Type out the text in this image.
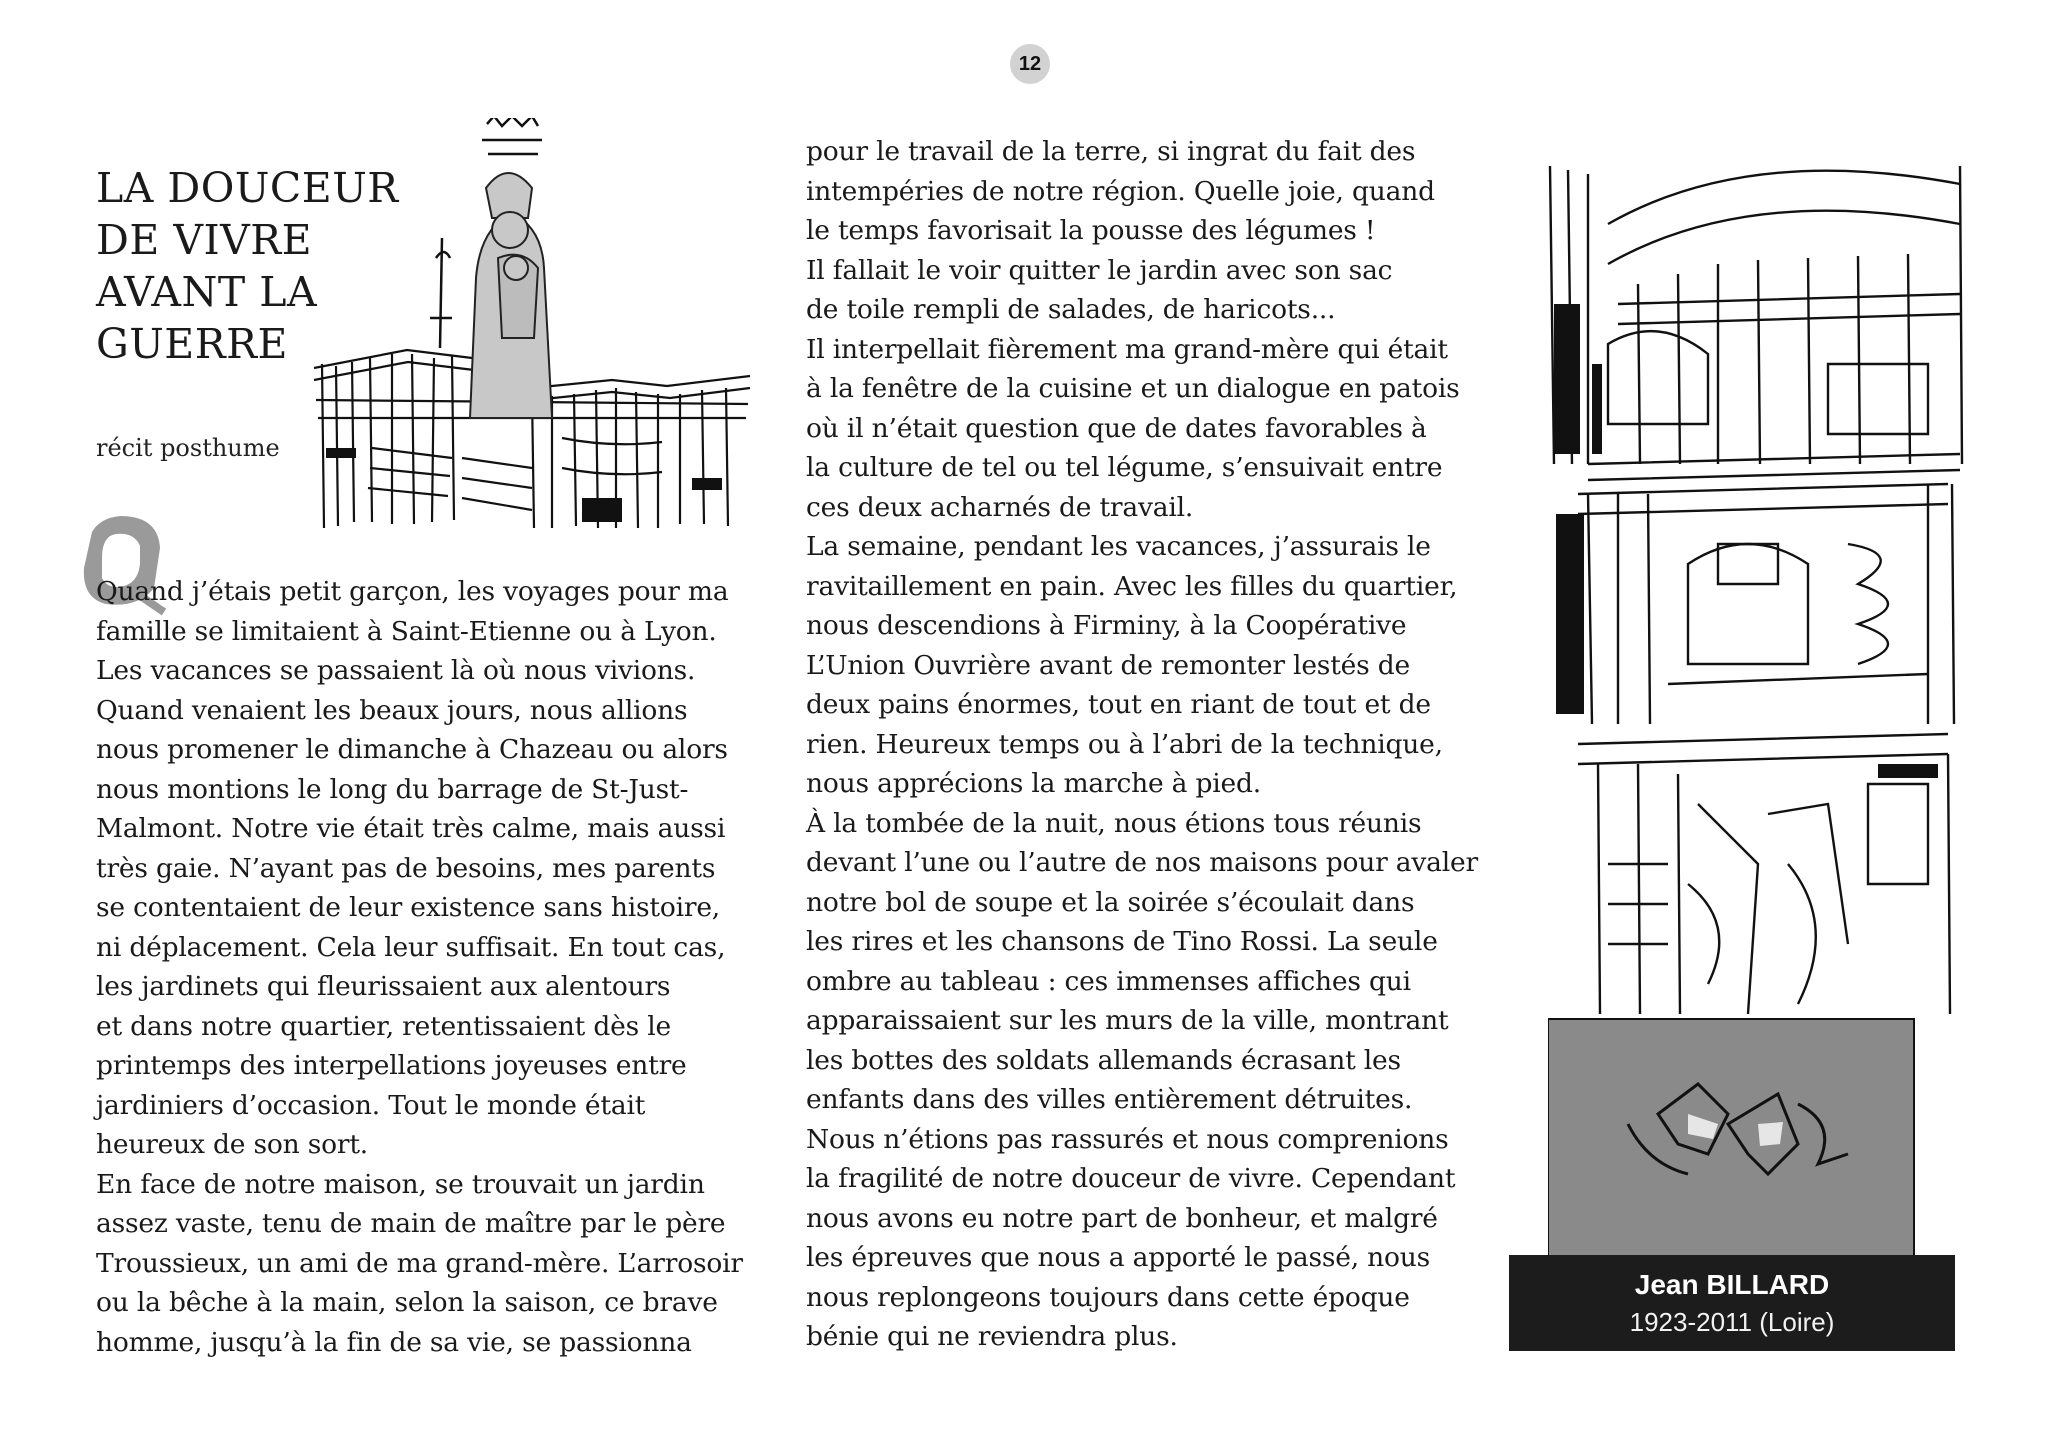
12
LA DOUCEUR
DE VIVRE
AVANT LA
GUERRE
récit posthume
Quand j’étais petit garçon, les voyages pour ma
famille se limitaient à Saint-Etienne ou à Lyon.
Les vacances se passaient là où nous vivions.
Quand venaient les beaux jours, nous allions
nous promener le dimanche à Chazeau ou alors
nous montions le long du barrage de St-Just-
Malmont. Notre vie était très calme, mais aussi
très gaie. N’ayant pas de besoins, mes parents
se contentaient de leur existence sans histoire,
ni déplacement. Cela leur suffisait. En tout cas,
les jardinets qui fleurissaient aux alentours
et dans notre quartier, retentissaient dès le
printemps des interpellations joyeuses entre
jardiniers d’occasion. Tout le monde était
heureux de son sort.
En face de notre maison, se trouvait un jardin
assez vaste, tenu de main de maître par le père
Troussieux, un ami de ma grand-mère. L’arrosoir
ou la bêche à la main, selon la saison, ce brave
homme, jusqu’à la fin de sa vie, se passionna
pour le travail de la terre, si ingrat du fait des
intempéries de notre région. Quelle joie, quand
le temps favorisait la pousse des légumes !
Il fallait le voir quitter le jardin avec son sac
de toile rempli de salades, de haricots...
Il interpellait fièrement ma grand-mère qui était
à la fenêtre de la cuisine et un dialogue en patois
où il n’était question que de dates favorables à
la culture de tel ou tel légume, s’ensuivait entre
ces deux acharnés de travail.
La semaine, pendant les vacances, j’assurais le
ravitaillement en pain. Avec les filles du quartier,
nous descendions à Firminy, à la Coopérative
L’Union Ouvrière avant de remonter lestés de
deux pains énormes, tout en riant de tout et de
rien. Heureux temps ou à l’abri de la technique,
nous apprécions la marche à pied.
À la tombée de la nuit, nous étions tous réunis
devant l’une ou l’autre de nos maisons pour avaler
notre bol de soupe et la soirée s’écoulait dans
les rires et les chansons de Tino Rossi. La seule
ombre au tableau : ces immenses affiches qui
apparaissaient sur les murs de la ville, montrant
les bottes des soldats allemands écrasant les
enfants dans des villes entièrement détruites.
Nous n’étions pas rassurés et nous comprenions
la fragilité de notre douceur de vivre. Cependant
nous avons eu notre part de bonheur, et malgré
les épreuves que nous a apporté le passé, nous
nous replongeons toujours dans cette époque
bénie qui ne reviendra plus.
Jean BILLARD
1923-2011 (Loire)
